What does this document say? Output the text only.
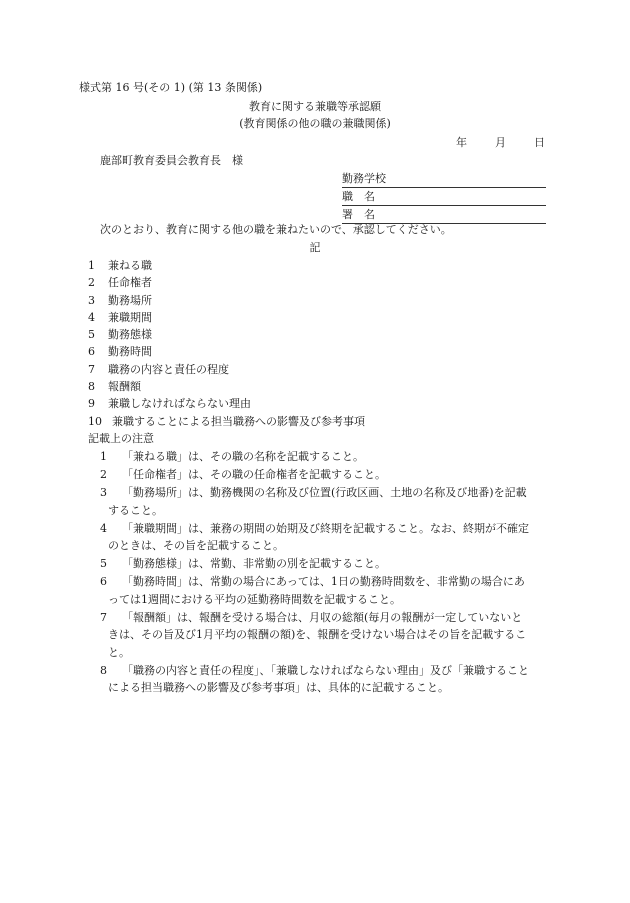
様式第 16 号(その 1) (第 13 条関係)
教育に関する兼職等承認願
(教育関係の他の職の兼職関係)
年	月	日
鹿部町教育委員会教育長　様
勤務学校
職　名
署　名
次のとおり、教育に関する他の職を兼ねたいので、承認してください。
記
1	兼ねる職
2	任命権者
3	勤務場所
4	兼職期間
5	勤務態様
6	勤務時間
7	職務の内容と責任の程度
8	報酬額
9	兼職しなければならない理由
10 兼職することによる担当職務への影響及び参考事項
記載上の注意
1 「兼ねる職」は、その職の名称を記載すること。
2 「任命権者」は、その職の任命権者を記載すること。
3 「勤務場所」は、勤務機関の名称及び位置(行政区画、土地の名称及び地番)を記載
すること。
4 「兼職期間」は、兼務の期間の始期及び終期を記載すること。なお、終期が不確定
のときは、その旨を記載すること。
5 「勤務態様」は、常勤、非常勤の別を記載すること。
6 「勤務時間」は、常勤の場合にあっては、1日の勤務時間数を、非常勤の場合にあ
っては1週間における平均の延勤務時間数を記載すること。
7 「報酬額」は、報酬を受ける場合は、月収の総額(毎月の報酬が一定していないと
きは、その旨及び1月平均の報酬の額)を、報酬を受けない場合はその旨を記載するこ
と。
8 「職務の内容と責任の程度」、「兼職しなければならない理由」及び「兼職すること
による担当職務への影響及び参考事項」は、具体的に記載すること。
